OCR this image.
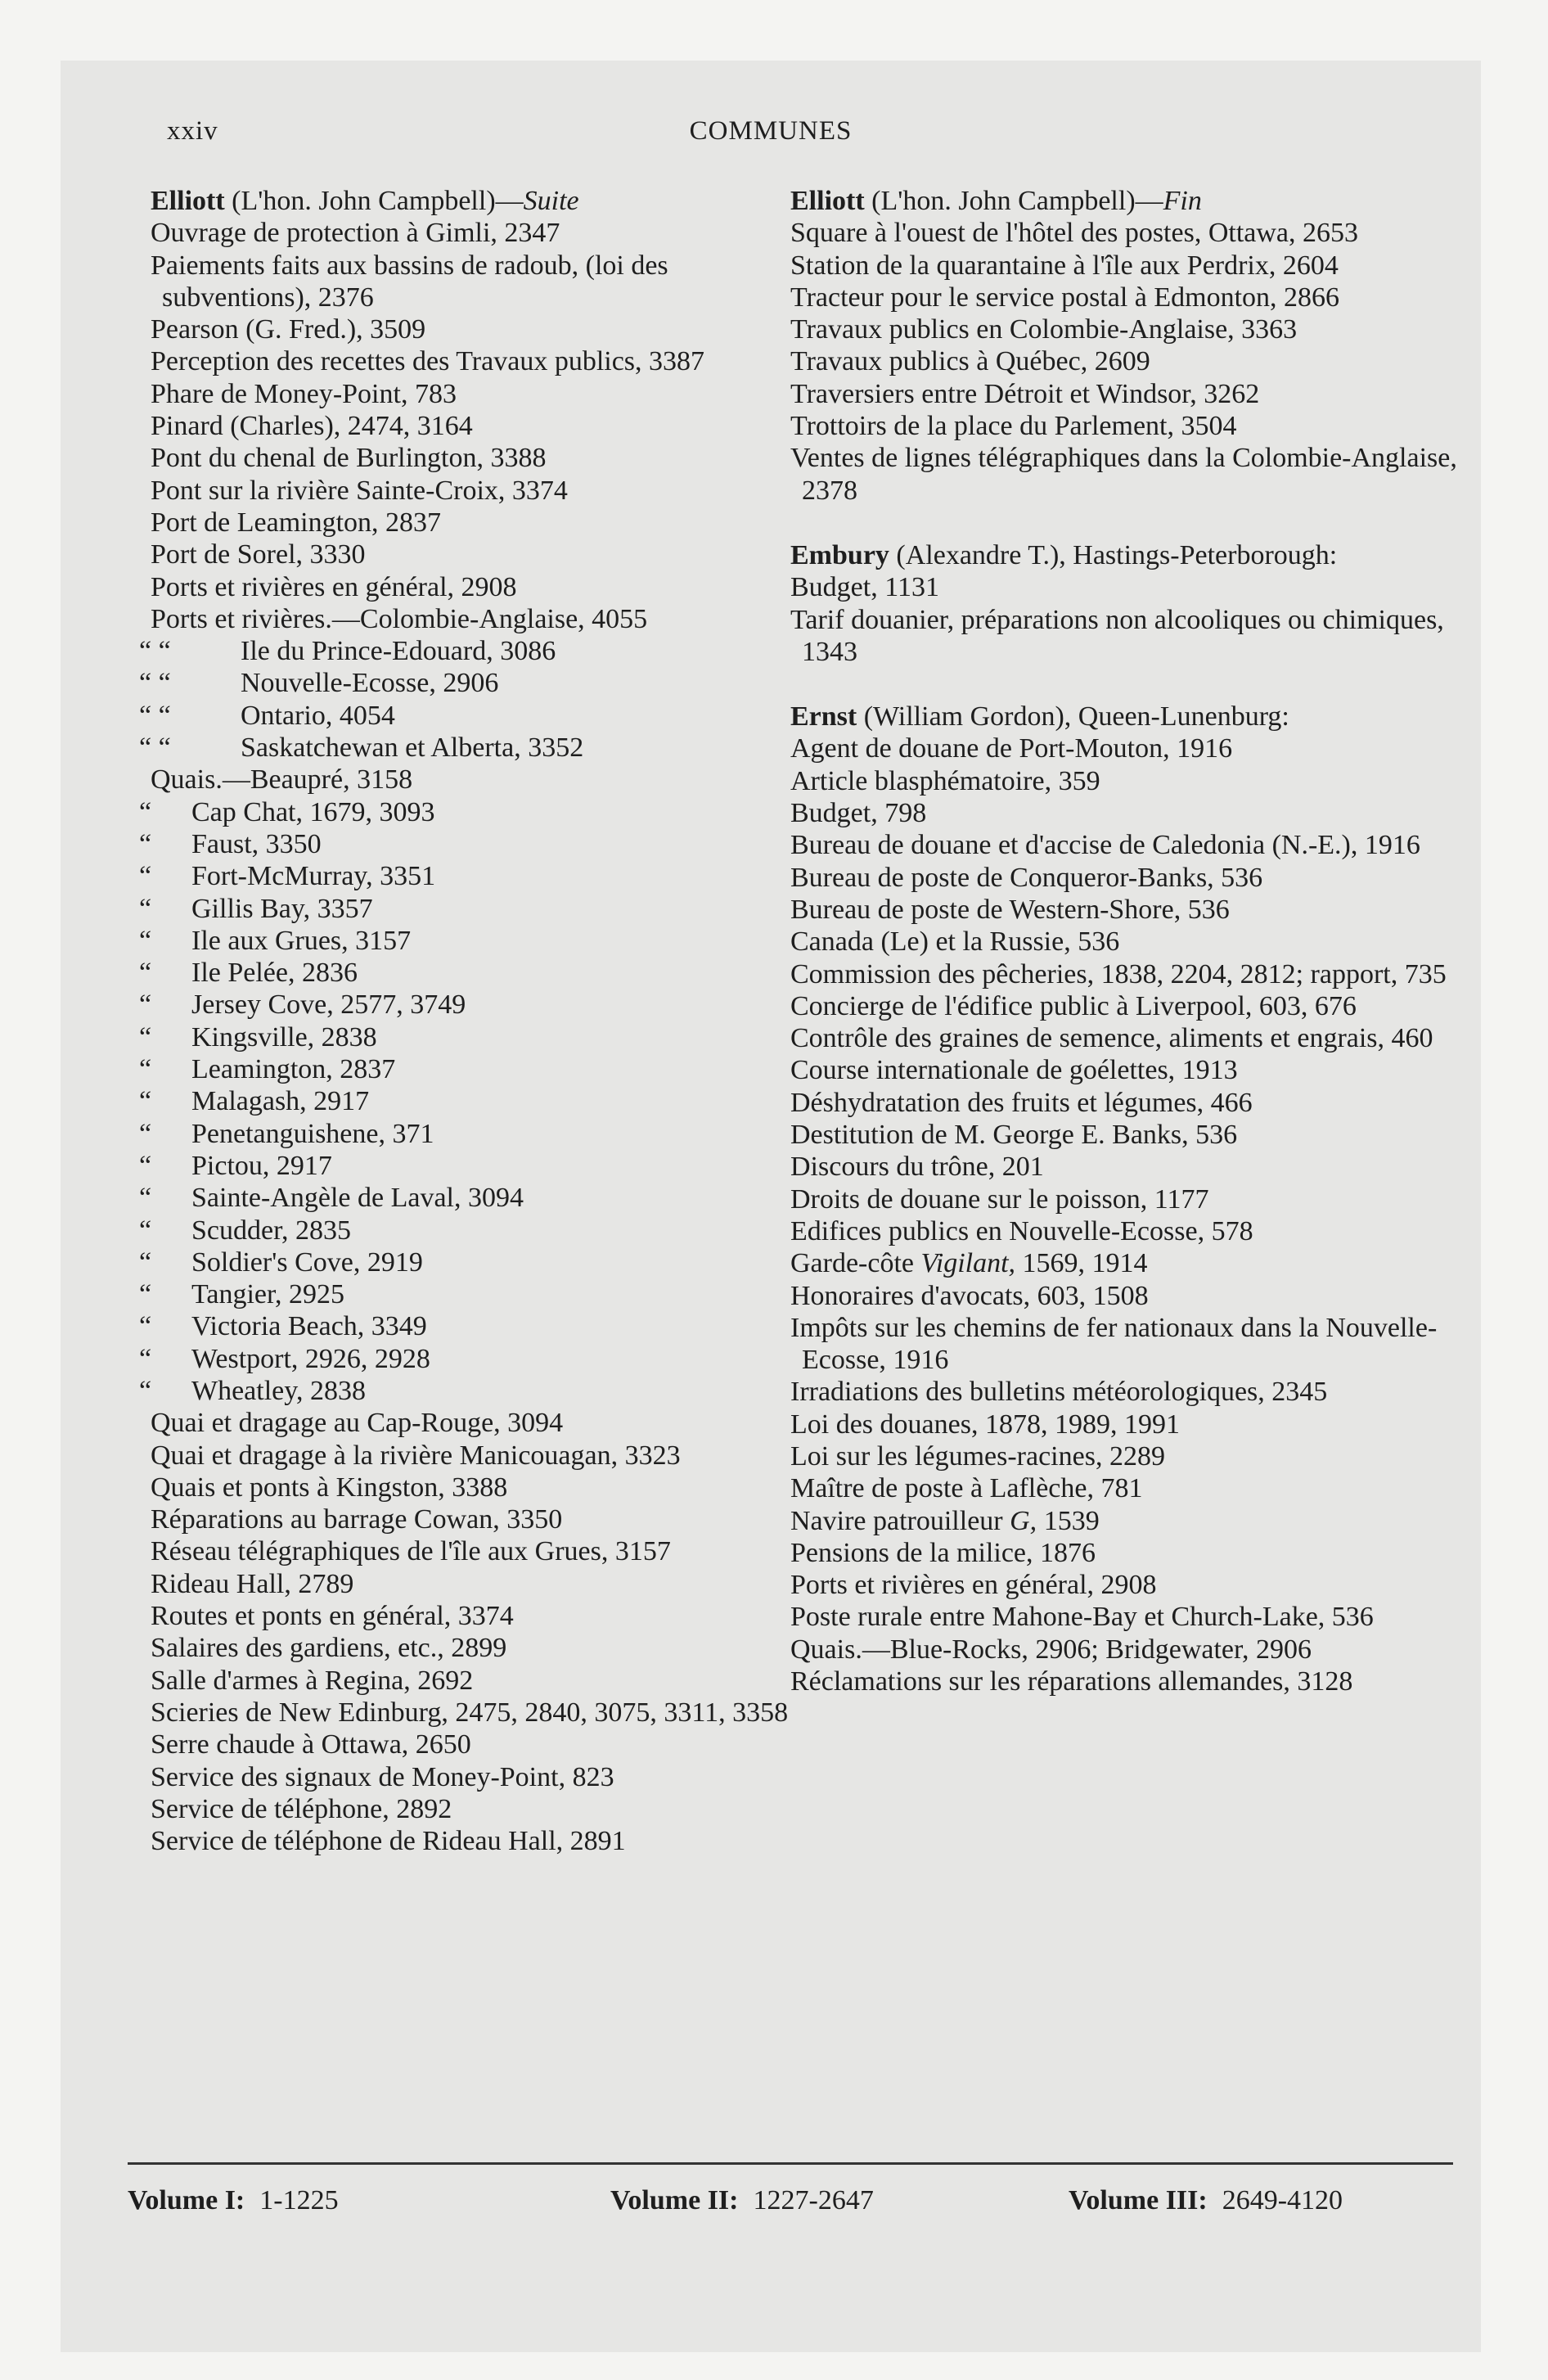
xxiv	COMMUNES
Elliott (L'hon. John Campbell)—Suite
Ouvrage de protection à Gimli, 2347
Paiements faits aux bassins de radoub, (loi des subventions), 2376
Pearson (G. Fred.), 3509
Perception des recettes des Travaux publics, 3387
Phare de Money-Point, 783
Pinard (Charles), 2474, 3164
Pont du chenal de Burlington, 3388
Pont sur la rivière Sainte-Croix, 3374
Port de Leamington, 2837
Port de Sorel, 3330
Ports et rivières en général, 2908
Ports et rivières.—Colombie-Anglaise, 4055
“ “	Ile du Prince-Edouard, 3086
“ “	Nouvelle-Ecosse, 2906
“ “	Ontario, 4054
“ “	Saskatchewan et Alberta, 3352
Quais.—Beaupré, 3158
“ Cap Chat, 1679, 3093
“ Faust, 3350
“ Fort-McMurray, 3351
“ Gillis Bay, 3357
“ Ile aux Grues, 3157
“ Ile Pelée, 2836
“ Jersey Cove, 2577, 3749
“ Kingsville, 2838
“ Leamington, 2837
“ Malagash, 2917
“ Penetanguishene, 371
“ Pictou, 2917
“ Sainte-Angèle de Laval, 3094
“ Scudder, 2835
“ Soldier's Cove, 2919
“ Tangier, 2925
“ Victoria Beach, 3349
“ Westport, 2926, 2928
“ Wheatley, 2838
Quai et dragage au Cap-Rouge, 3094
Quai et dragage à la rivière Manicouagan, 3323
Quais et ponts à Kingston, 3388
Réparations au barrage Cowan, 3350
Réseau télégraphiques de l'île aux Grues, 3157
Rideau Hall, 2789
Routes et ponts en général, 3374
Salaires des gardiens, etc., 2899
Salle d'armes à Regina, 2692
Scieries de New Edinburg, 2475, 2840, 3075, 3311, 3358
Serre chaude à Ottawa, 2650
Service des signaux de Money-Point, 823
Service de téléphone, 2892
Service de téléphone de Rideau Hall, 2891
Elliott (L'hon. John Campbell)—Fin
Square à l'ouest de l'hôtel des postes, Ottawa, 2653
Station de la quarantaine à l'île aux Perdrix, 2604
Tracteur pour le service postal à Edmonton, 2866
Travaux publics en Colombie-Anglaise, 3363
Travaux publics à Québec, 2609
Traversiers entre Détroit et Windsor, 3262
Trottoirs de la place du Parlement, 3504
Ventes de lignes télégraphiques dans la Colombie-Anglaise, 2378
Embury (Alexandre T.), Hastings-Peterborough:
Budget, 1131
Tarif douanier, préparations non alcooliques ou chimiques, 1343
Ernst (William Gordon), Queen-Lunenburg:
Agent de douane de Port-Mouton, 1916
Article blasphématoire, 359
Budget, 798
Bureau de douane et d'accise de Caledonia (N.-E.), 1916
Bureau de poste de Conqueror-Banks, 536
Bureau de poste de Western-Shore, 536
Canada (Le) et la Russie, 536
Commission des pêcheries, 1838, 2204, 2812; rapport, 735
Concierge de l'édifice public à Liverpool, 603, 676
Contrôle des graines de semence, aliments et engrais, 460
Course internationale de goélettes, 1913
Déshydratation des fruits et légumes, 466
Destitution de M. George E. Banks, 536
Discours du trône, 201
Droits de douane sur le poisson, 1177
Edifices publics en Nouvelle-Ecosse, 578
Garde-côte Vigilant, 1569, 1914
Honoraires d'avocats, 603, 1508
Impôts sur les chemins de fer nationaux dans la Nouvelle-Ecosse, 1916
Irradiations des bulletins météorologiques, 2345
Loi des douanes, 1878, 1989, 1991
Loi sur les légumes-racines, 2289
Maître de poste à Laflèche, 781
Navire patrouilleur G, 1539
Pensions de la milice, 1876
Ports et rivières en général, 2908
Poste rurale entre Mahone-Bay et Church-Lake, 536
Quais.—Blue-Rocks, 2906; Bridgewater, 2906
Réclamations sur les réparations allemandes, 3128
Volume I: 1-1225	Volume II: 1227-2647	Volume III: 2649-4120
